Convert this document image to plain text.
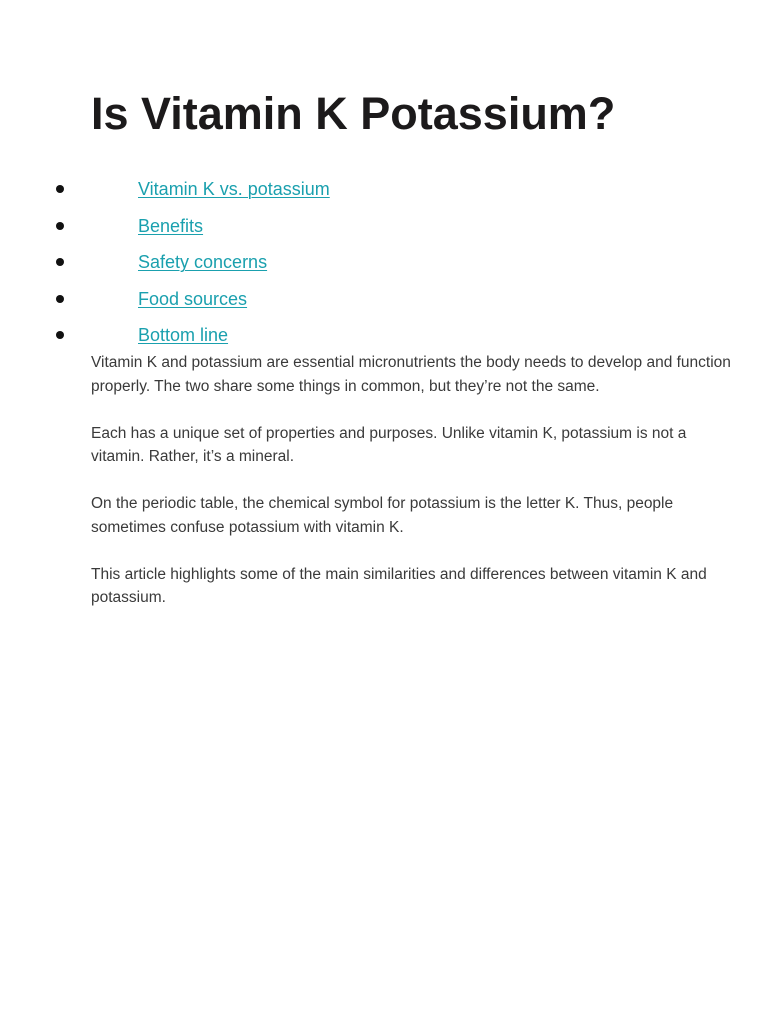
Is Vitamin K Potassium?
Vitamin K vs. potassium
Benefits
Safety concerns
Food sources
Bottom line

Vitamin K and potassium are essential micronutrients the body needs to develop and function properly. The two share some things in common, but they’re not the same.

Each has a unique set of properties and purposes. Unlike vitamin K, potassium is not a vitamin. Rather, it’s a mineral.

On the periodic table, the chemical symbol for potassium is the letter K. Thus, people sometimes confuse potassium with vitamin K.

This article highlights some of the main similarities and differences between vitamin K and potassium.
